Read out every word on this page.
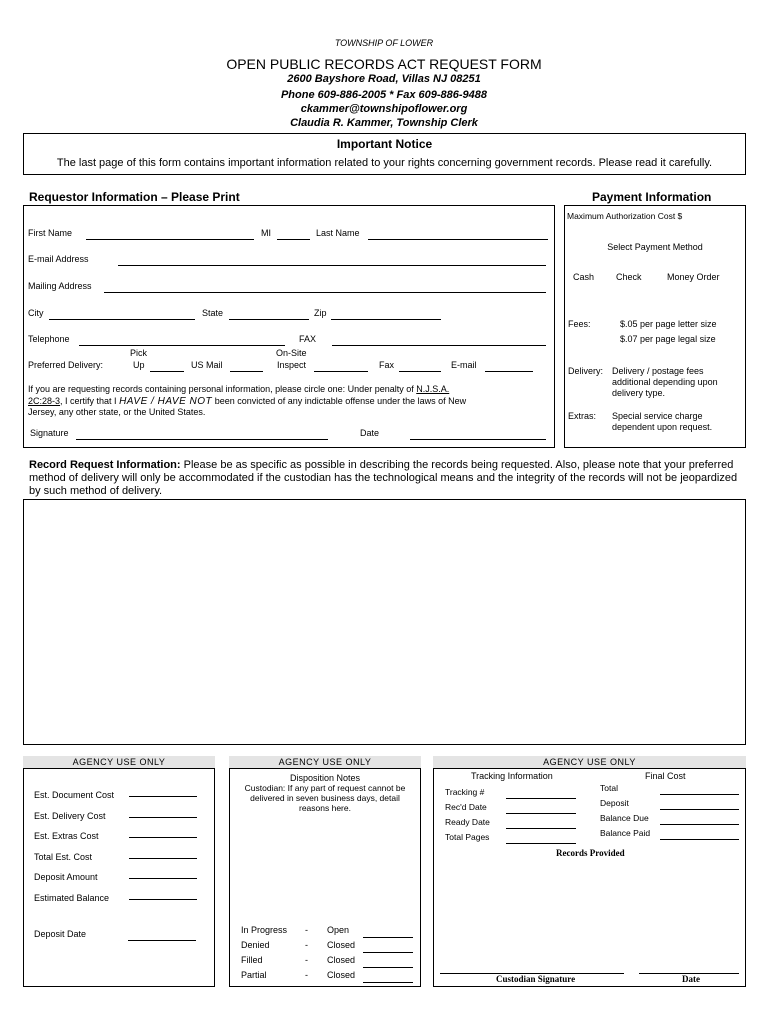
TOWNSHIP OF LOWER
OPEN PUBLIC RECORDS ACT REQUEST FORM
2600 Bayshore Road, Villas NJ 08251
Phone 609-886-2005 * Fax 609-886-9488
ckammer@townshipoflower.org
Claudia R. Kammer, Township Clerk
Important Notice
The last page of this form contains important information related to your rights concerning government records. Please read it carefully.
Requestor Information – Please Print
First Name	MI	Last Name
E-mail Address
Mailing Address
City	State	Zip
Telephone	FAX
Pick	On-Site
Preferred Delivery:	Up	US Mail	Inspect	Fax	E-mail
If you are requesting records containing personal information, please circle one: Under penalty of N.J.S.A.
2C:28-3, I certify that I HAVE / HAVE NOT been convicted of any indictable offense under the laws of New
Jersey, any other state, or the United States.
Signature	Date
Payment Information
Maximum Authorization Cost $
Select Payment Method
Cash Check	Money Order
Fees:	$.05 per page letter size
$.07 per page legal size
Delivery: Delivery / postage fees additional depending upon delivery type.
Extras: Special service charge dependent upon request.
Record Request Information: Please be as specific as possible in describing the records being requested. Also, please note that your preferred method of delivery will only be accommodated if the custodian has the technological means and the integrity of the records will not be jeopardized by such method of delivery.
AGENCY USE ONLY
Est. Document Cost
Est. Delivery Cost
Est. Extras Cost
Total Est. Cost
Deposit Amount
Estimated Balance
Deposit Date
AGENCY USE ONLY
Disposition Notes
Custodian: If any part of request cannot be delivered in seven business days, detail reasons here.
In Progress - Open
Denied	- Closed
Filled	- Closed
Partial	- Closed
AGENCY USE ONLY
Tracking Information	Final Cost
Tracking #
Rec'd Date
Ready Date
Total Pages
Total
Deposit
Balance Due
Balance Paid
Records Provided
Custodian Signature	Date
